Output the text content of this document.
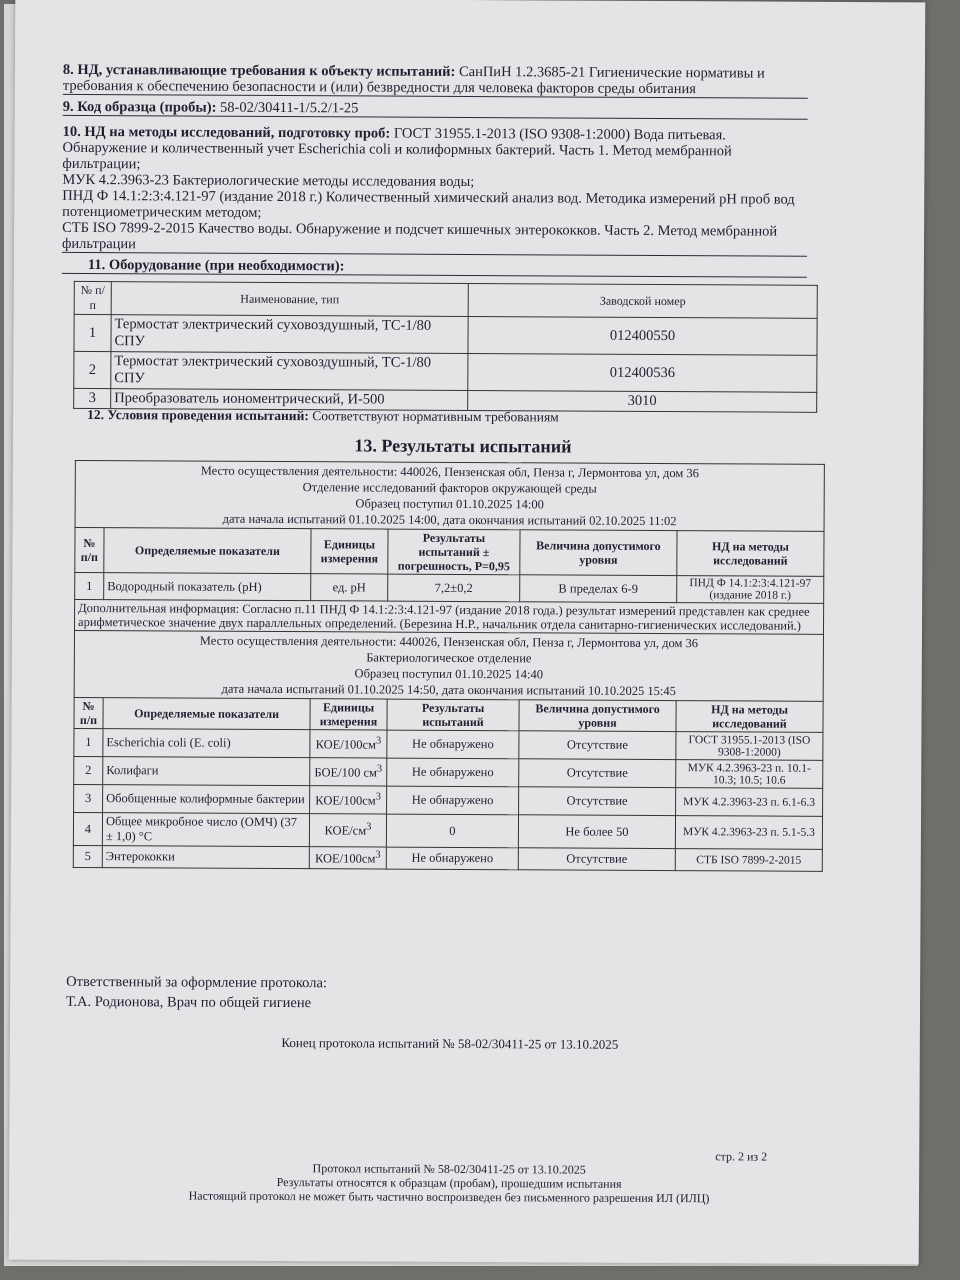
8. НД, устанавливающие требования к объекту испытаний: СанПиН 1.2.3685-21 Гигиенические нормативы и требования к обеспечению безопасности и (или) безвредности для человека факторов среды обитания
9. Код образца (пробы): 58-02/30411-1/5.2/1-25
10. НД на методы исследований, подготовку проб: ГОСТ 31955.1-2013 (ISO 9308-1:2000) Вода питьевая. Обнаружение и количественный учет Escherichia coli и колиформных бактерий. Часть 1. Метод мембранной фильтрации;
МУК 4.2.3963-23 Бактериологические методы исследования воды;
ПНД Ф 14.1:2:3:4.121-97 (издание 2018 г.) Количественный химический анализ вод. Методика измерений pH проб вод потенциометрическим методом;
СТБ ISO 7899-2-2015 Качество воды. Обнаружение и подсчет кишечных энтерококков. Часть 2. Метод мембранной фильтрации
11. Оборудование (при необходимости):
№ п/п	Наименование, тип	Заводской номер
1	Термостат электрический суховоздушный, ТС-1/80 СПУ	012400550
2	Термостат электрический суховоздушный, ТС-1/80 СПУ	012400536
3	Преобразователь иономентрический, И-500	3010
12. Условия проведения испытаний: Соответствуют нормативным требованиям
13. Результаты испытаний
Место осуществления деятельности: 440026, Пензенская обл, Пенза г, Лермонтова ул, дом 36
Отделение исследований факторов окружающей среды
Образец поступил 01.10.2025 14:00
дата начала испытаний 01.10.2025 14:00, дата окончания испытаний 02.10.2025 11:02					

№ п/п	Определяемые показатели	Единицы измерения	Результаты испытаний ± погрешность, P=0,95	Величина допустимого уровня	НД на методы исследований
1	Водородный показатель (pH)	ед. pH	7,2±0,2	В пределах 6-9	ПНД Ф 14.1:2:3:4.121-97 (издание 2018 г.)
Дополнительная информация: Согласно п.11 ПНД Ф 14.1:2:3:4.121-97 (издание 2018 года.) результат измерений представлен как среднее арифметическое значение двух параллельных определений. (Березина Н.Р., начальник отдела санитарно-гигиенических исследований.)					

Место осуществления деятельности: 440026, Пензенская обл, Пенза г, Лермонтова ул, дом 36
Бактериологическое отделение
Образец поступил 01.10.2025 14:40
дата начала испытаний 01.10.2025 14:50, дата окончания испытаний 10.10.2025 15:45					

№ п/п	Определяемые показатели	Единицы измерения	Результаты испытаний	Величина допустимого уровня	НД на методы исследований
1	Escherichia coli (E. coli)	КОЕ/$100см^3$	Не обнаружено	Отсутствие	ГОСТ 31955.1-2013 (ISO 9308-1:2000)
2	Колифаги	БОЕ/100 $см^3$	Не обнаружено	Отсутствие	МУК 4.2.3963-23 п. 10.1-10.3; 10.5; 10.6
3	Обобщенные колиформные бактерии	КОЕ/$100см^3$	Не обнаружено	Отсутствие	МУК 4.2.3963-23 п. 6.1-6.3
4	Общее микробное число (ОМЧ) (37 ± 1,0) °С	КОЕ/$см^3$	0	Не более 50	МУК 4.2.3963-23 п. 5.1-5.3
5	Энтерококки	КОЕ/$100см^3$	Не обнаружено	Отсутствие	СТБ ISO 7899-2-2015
Ответственный за оформление протокола:
Т.А. Родионова, Врач по общей гигиене
Конец протокола испытаний № 58-02/30411-25 от 13.10.2025
стр. 2 из 2
Протокол испытаний № 58-02/30411-25 от 13.10.2025
Результаты относятся к образцам (пробам), прошедшим испытания
Настоящий протокол не может быть частично воспроизведен без письменного разрешения ИЛ (ИЛЦ)
